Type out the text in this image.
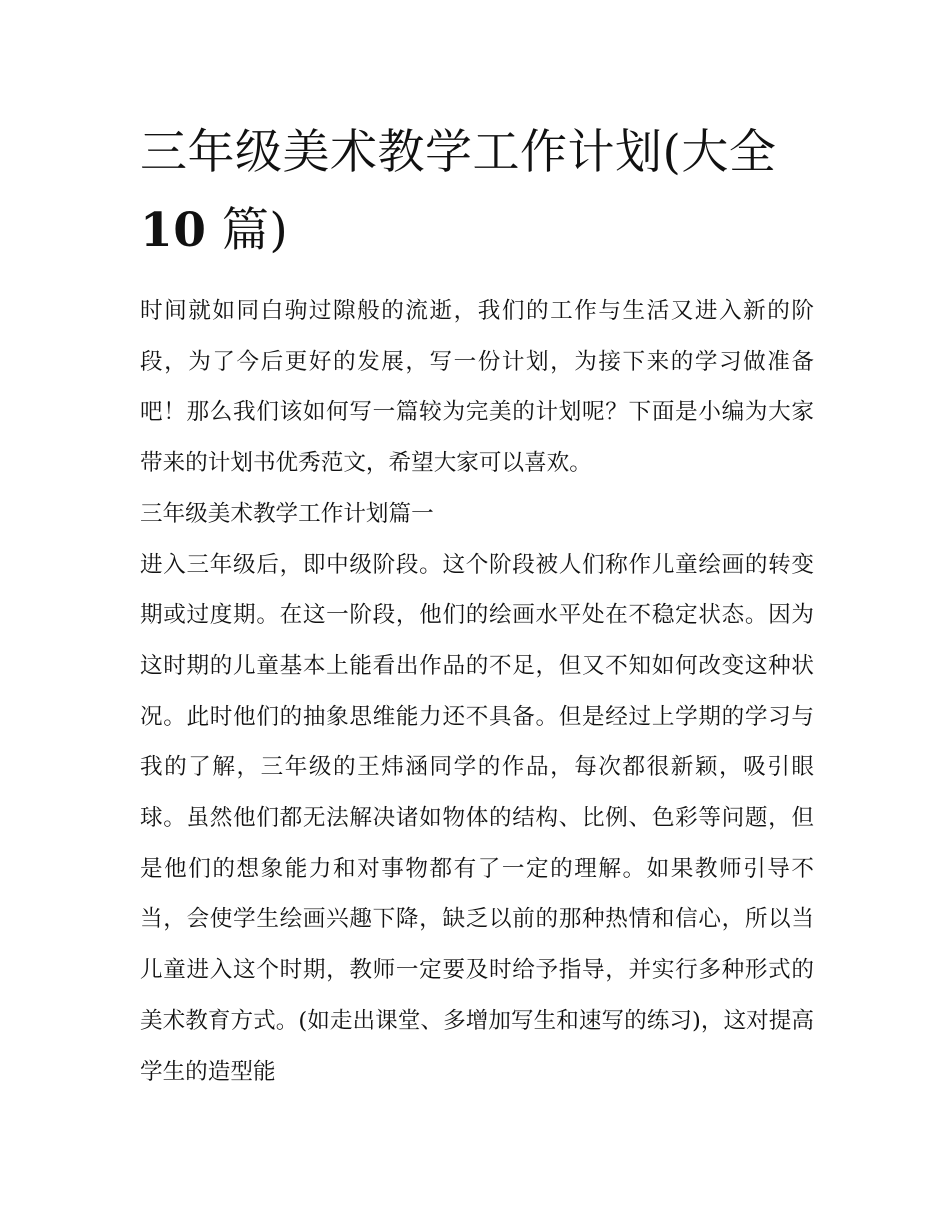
三年级美术教学工作计划(大全
10 篇)

时间就如同白驹过隙般的流逝，我们的工作与生活又进入新的阶段，为了今后更好的发展，写一份计划，为接下来的学习做准备吧！那么我们该如何写一篇较为完美的计划呢？下面是小编为大家带来的计划书优秀范文，希望大家可以喜欢。

三年级美术教学工作计划篇一

进入三年级后，即中级阶段。这个阶段被人们称作儿童绘画的转变期或过度期。在这一阶段，他们的绘画水平处在不稳定状态。因为这时期的儿童基本上能看出作品的不足，但又不知如何改变这种状况。此时他们的抽象思维能力还不具备。但是经过上学期的学习与我的了解，三年级的王炜涵同学的作品，每次都很新颖，吸引眼球。虽然他们都无法解决诸如物体的结构、比例、色彩等问题，但是他们的想象能力和对事物都有了一定的理解。如果教师引导不当，会使学生绘画兴趣下降，缺乏以前的那种热情和信心，所以当儿童进入这个时期，教师一定要及时给予指导，并实行多种形式的美术教育方式。(如走出课堂、多增加写生和速写的练习)，这对提高学生的造型能
